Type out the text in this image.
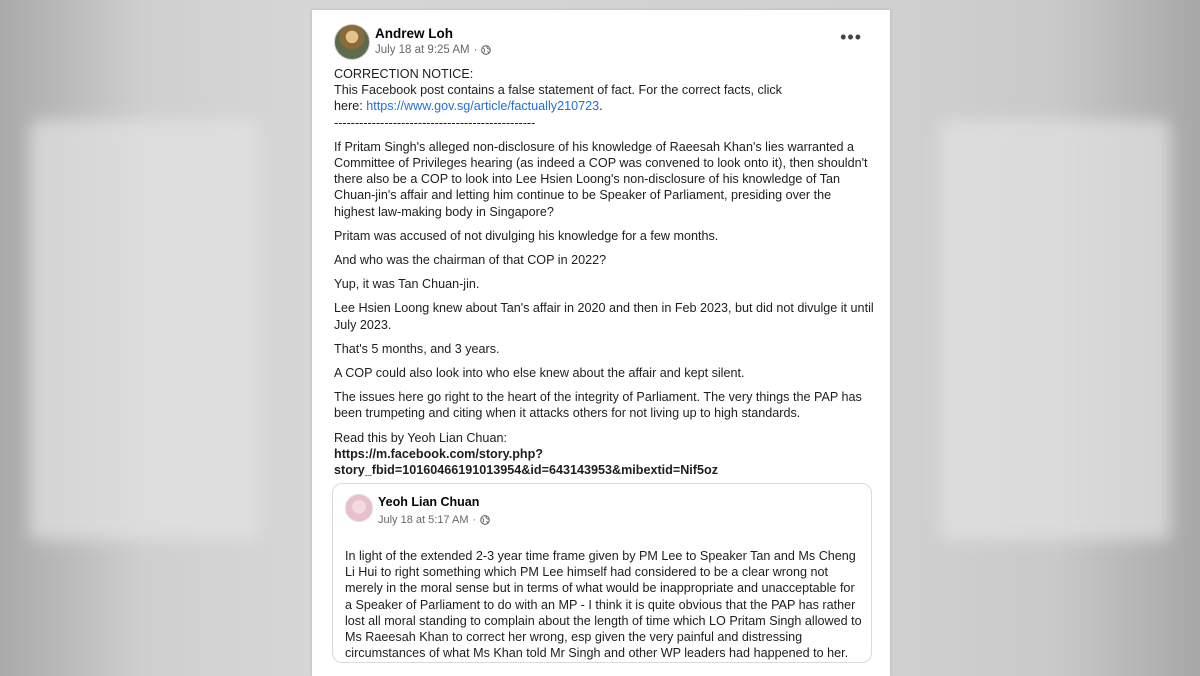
Andrew Loh
July 18 at 9:25 AM ·
•••

CORRECTION NOTICE:

This Facebook post contains a false statement of fact. For the correct facts, click

here: https://www.gov.sg/article/factually210723.

------------------------------------------------

If Pritam Singh's alleged non-disclosure of his knowledge of Raeesah Khan's lies warranted a Committee of Privileges hearing (as indeed a COP was convened to look onto it), then shouldn't there also be a COP to look into Lee Hsien Loong's non-disclosure of his knowledge of Tan Chuan-jin's affair and letting him continue to be Speaker of Parliament, presiding over the highest law-making body in Singapore?

Pritam was accused of not divulging his knowledge for a few months.

And who was the chairman of that COP in 2022?

Yup, it was Tan Chuan-jin.

Lee Hsien Loong knew about Tan's affair in 2020 and then in Feb 2023, but did not divulge it until July 2023.

That's 5 months, and 3 years.

A COP could also look into who else knew about the affair and kept silent.

The issues here go right to the heart of the integrity of Parliament. The very things the PAP has been trumpeting and citing when it attacks others for not living up to high standards.

Read this by Yeoh Lian Chuan:

https://m.facebook.com/story.php?

story_fbid=10160466191013954&id=643143953&mibextid=Nif5oz

Yeoh Lian Chuan
July 18 at 5:17 AM ·
In light of the extended 2-3 year time frame given by PM Lee to Speaker Tan and Ms Cheng Li Hui to right something which PM Lee himself had considered to be a clear wrong not merely in the moral sense but in terms of what would be inappropriate and unacceptable for a Speaker of Parliament to do with an MP - I think it is quite obvious that the PAP has rather lost all moral standing to complain about the length of time which LO Pritam Singh allowed to Ms Raeesah Khan to correct her wrong, esp given the very painful and distressing circumstances of what Ms Khan told Mr Singh and other WP leaders had happened to her.
